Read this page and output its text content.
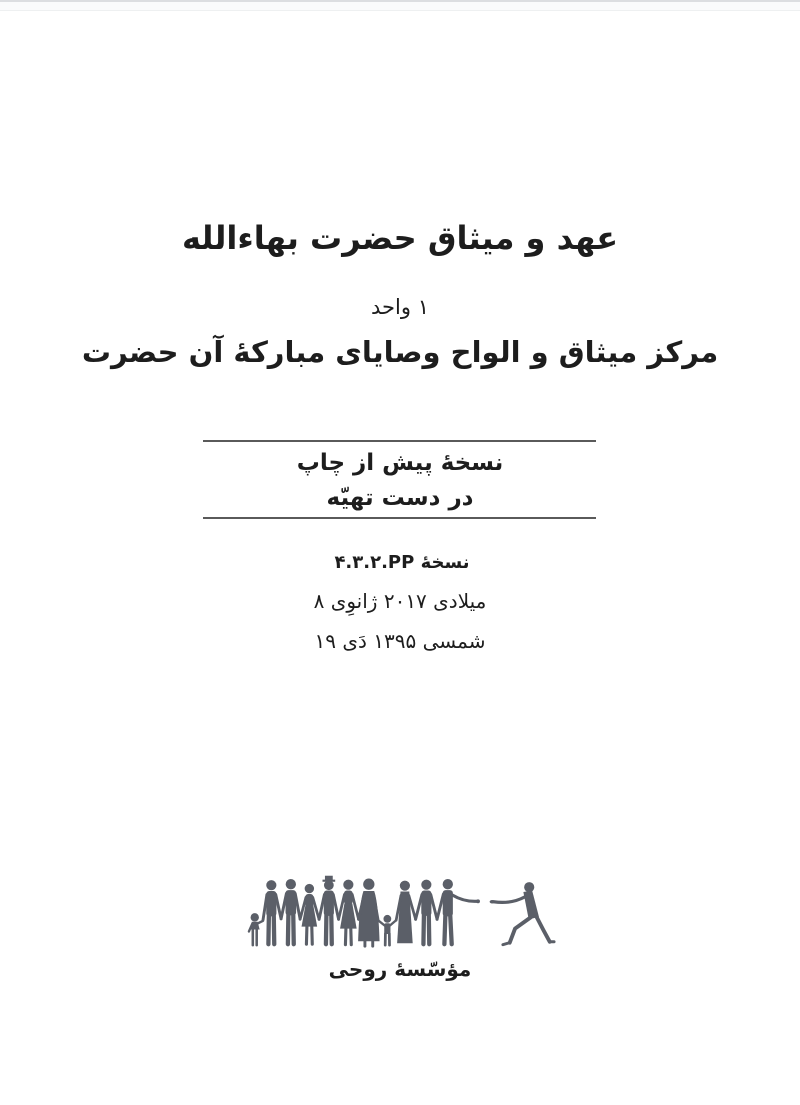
عهد و میثاق حضرت بهاءالله
واحد ۱
مرکز میثاق و الواح وصایای مبارکهٔ آن حضرت
نسخهٔ پیش از چاپ
در دست تهیّه
نسخهٔ ۴.۳.۲.PP
۸ ژانوِی ۲۰۱۷ میلادی
۱۹ دَی ۱۳۹۵ شمسی
مؤسّسهٔ روحی
